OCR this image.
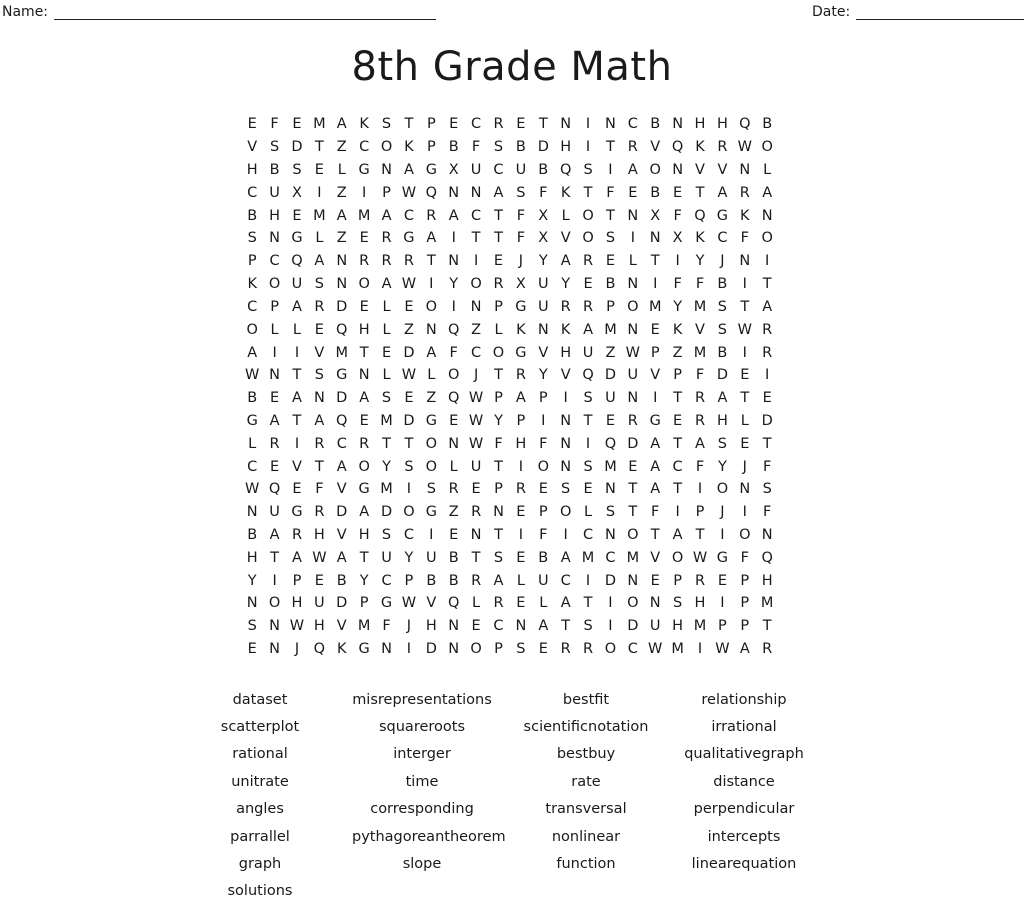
Name:	Date:
8th Grade Math
E F E M A K S T P E C R E T N	I	N C B N H H Q B
V S D T Z C O K P B F S B D H	I	T R V Q K R W O
H B S E L G N A G X U C U B Q S	I	A O N V V N L
C U X	I	Z	I	P W Q N N A S F K T F E B E T A R A
B H E M A M A C R A C T F X L O T N X F Q G K N
S N G L Z E R G A	I	T T F X V O S	I	N X K C F O
P C Q A N R R R T N	I	E	J	Y A R E L T	I	Y	J	N	I
K O U S N O A W I	Y O R X U Y E B N	I	F F B	I	T
C P A R D E L E O	I	N P G U R R P O M Y M S T A
O L L E Q H L Z N Q Z L K N K A M N E K V S W R
A	I	I	V M T E D A F C O G V H U Z W P Z M B	I	R
W N T S G N L W L O	J	T R Y V Q D U V P F D E	I
B E A N D A S E Z Q W P A P	I	S U N	I	T R A T E
G A T A Q E M D G E W Y P	I	N T E R G E R H L D
L R	I	R C R T T O N W F H F N	I	Q D A T A S E T
C E V T A O Y S O L U T	I	O N S M E A C F Y	J	F
W Q E F V G M I	S R E P R E S E N T A T	I	O N S
N U G R D A D O G Z R N E P O L S T F	I	P	J	I	F
B A R H V H S C	I	E N T	I	F	I	C N O T A T	I	O N
H T A W A T U Y U B T S E B A M C M V O W G F Q
Y	I	P E B Y C P B B R A L U C	I	D N E P R E P H
N O H U D P G W V Q L R E L A T	I	O N S H	I	P M
S N W H V M F	J	H N E C N A T S	I	D U H M P P T
E N	J	Q K G N	I	D N O P S E R R O C W M I W A R
dataset	misrepresentations	bestfit	relationship
scatterplot	squareroots	scientificnotation	irrational
rational	interger	bestbuy	qualitativegraph
unitrate	time	rate	distance
angles	corresponding	transversal	perpendicular
parrallel	pythagoreantheorem	nonlinear	intercepts
graph	slope	function	linearequation
solutions
